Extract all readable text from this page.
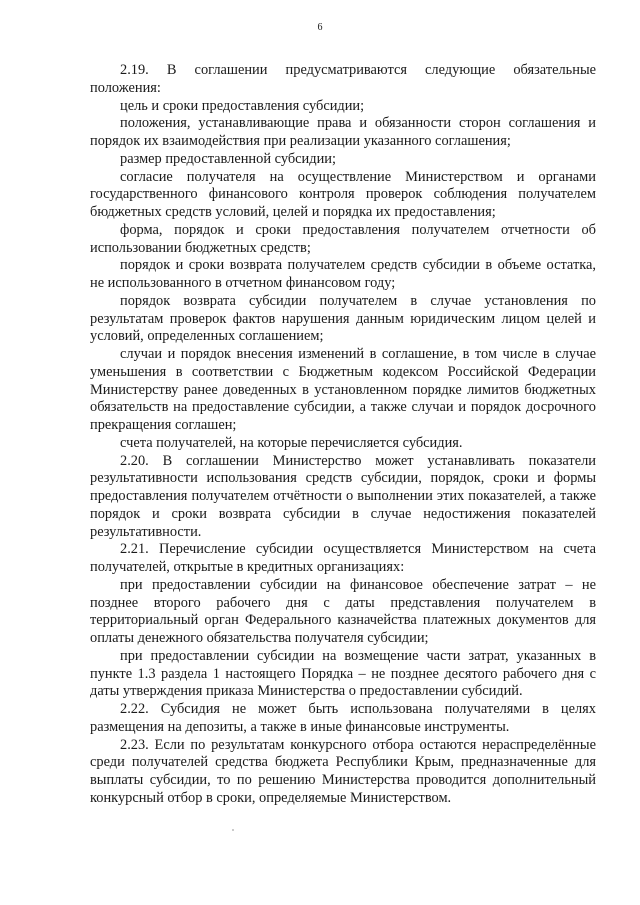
6

2.19. В соглашении предусматриваются следующие обязательные положения:

цель и сроки предоставления субсидии;

положения, устанавливающие права и обязанности сторон соглашения и порядок их взаимодействия при реализации указанного соглашения;

размер предоставленной субсидии;

согласие получателя на осуществление Министерством и органами государственного финансового контроля проверок соблюдения получателем бюджетных средств условий, целей и порядка их предоставления;

форма, порядок и сроки предоставления получателем отчетности об использовании бюджетных средств;

порядок и сроки возврата получателем средств субсидии в объеме остатка, не использованного в отчетном финансовом году;

порядок возврата субсидии получателем в случае установления по результатам проверок фактов нарушения данным юридическим лицом целей и условий, определенных соглашением;

случаи и порядок внесения изменений в соглашение, в том числе в случае уменьшения в соответствии с Бюджетным кодексом Российской Федерации Министерству ранее доведенных в установленном порядке лимитов бюджетных обязательств на предоставление субсидии, а также случаи и порядок досрочного прекращения соглашен;

счета получателей, на которые перечисляется субсидия.

2.20. В соглашении Министерство может устанавливать показатели результативности использования средств субсидии, порядок, сроки и формы предоставления получателем отчётности о выполнении этих показателей, а также порядок и сроки возврата субсидии в случае недостижения показателей результативности.

2.21. Перечисление субсидии осуществляется Министерством на счета получателей, открытые в кредитных организациях:

при предоставлении субсидии на финансовое обеспечение затрат – не позднее второго рабочего дня с даты представления получателем в территориальный орган Федерального казначейства платежных документов для оплаты денежного обязательства получателя субсидии;

при предоставлении субсидии на возмещение части затрат, указанных в пункте 1.3 раздела 1 настоящего Порядка – не позднее десятого рабочего дня с даты утверждения приказа Министерства о предоставлении субсидий.

2.22. Субсидия не может быть использована получателями в целях размещения на депозиты, а также в иные финансовые инструменты.

2.23. Если по результатам конкурсного отбора остаются нераспределённые среди получателей средства бюджета Республики Крым, предназначенные для выплаты субсидии, то по решению Министерства проводится дополнительный конкурсный отбор в сроки, определяемые Министерством.
